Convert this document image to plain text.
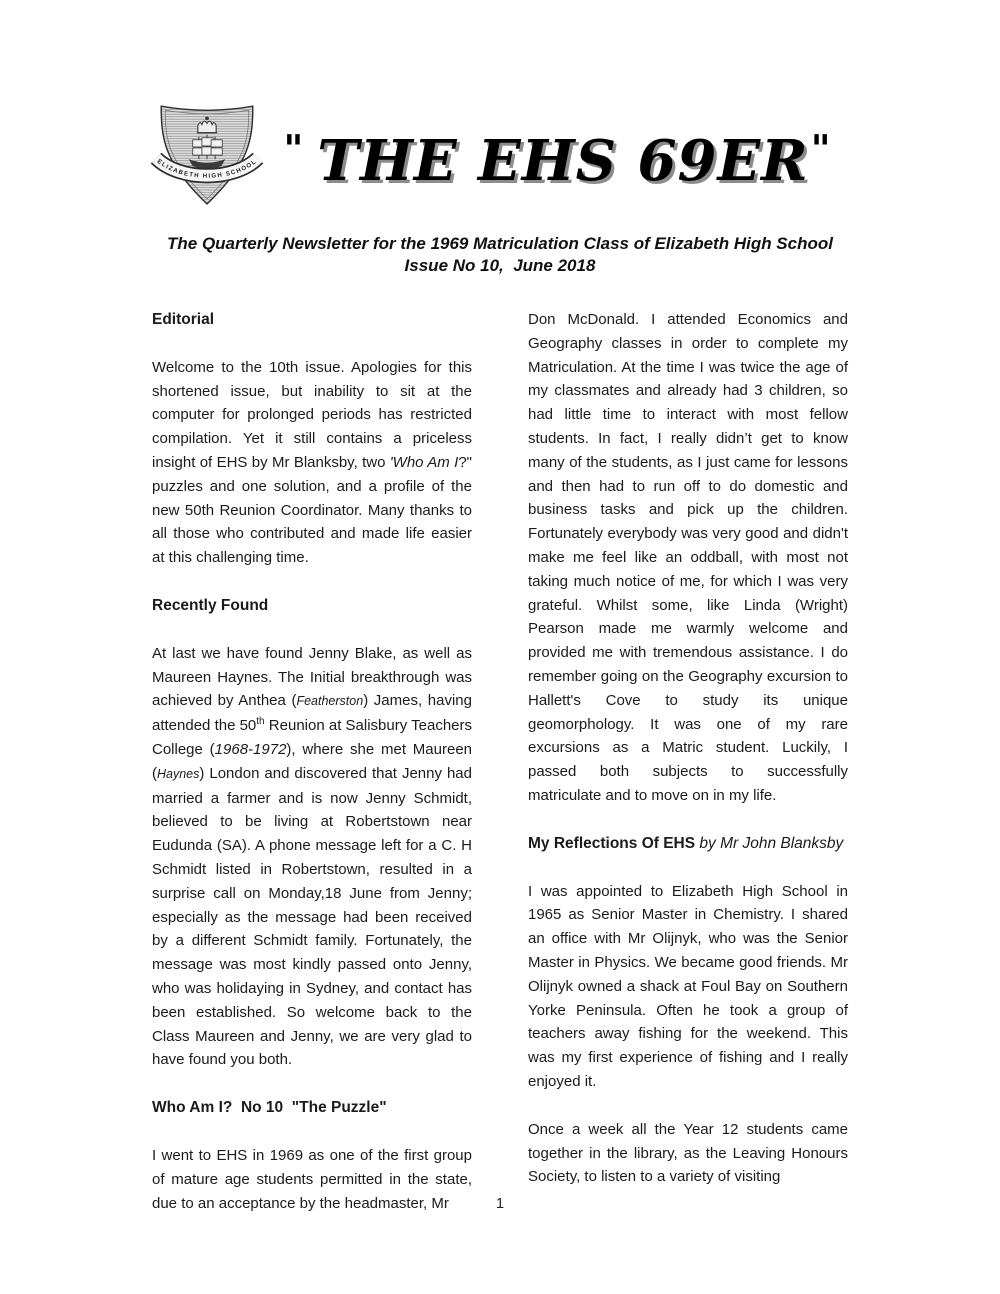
ELIZABETH HIGH SCHOOL " THE EHS 69ER"
The Quarterly Newsletter for the 1969 Matriculation Class of Elizabeth High School
Issue No 10,  June 2018
Editorial

Welcome to the 10th issue. Apologies for this shortened issue, but inability to sit at the computer for prolonged periods has restricted compilation. Yet it still contains a priceless insight of EHS by Mr Blanksby, two 'Who Am I?" puzzles and one solution, and a profile of the new 50th Reunion Coordinator. Many thanks to all those who contributed and made life easier at this challenging time.

Recently Found

At last we have found Jenny Blake, as well as Maureen Haynes. The Initial breakthrough was achieved by Anthea (Featherston) James, having attended the 50th Reunion at Salisbury Teachers College (1968-1972), where she met Maureen (Haynes) London and discovered that Jenny had married a farmer and is now Jenny Schmidt, believed to be living at Robertstown near Eudunda (SA). A phone message left for a C. H Schmidt listed in Robertstown, resulted in a surprise call on Monday,18 June from Jenny; especially as the message had been received by a different Schmidt family. Fortunately, the message was most kindly passed onto Jenny, who was holidaying in Sydney, and contact has been established. So welcome back to the Class Maureen and Jenny, we are very glad to have found you both.

Who Am I?  No 10  "The Puzzle"

I went to EHS in 1969 as one of the first group of mature age students permitted in the state, due to an acceptance by the headmaster, Mr

Don McDonald. I attended Economics and Geography classes in order to complete my Matriculation. At the time I was twice the age of my classmates and already had 3 children, so had little time to interact with most fellow students. In fact, I really didn’t get to know many of the students, as I just came for lessons and then had to run off to do domestic and business tasks and pick up the children. Fortunately everybody was very good and didn't make me feel like an oddball, with most not taking much notice of me, for which I was very grateful. Whilst some, like Linda (Wright) Pearson made me warmly welcome and provided me with tremendous assistance. I do remember going on the Geography excursion to Hallett's Cove to study its unique geomorphology. It was one of my rare excursions as a Matric student. Luckily, I passed both subjects to successfully matriculate and to move on in my life.

My Reflections Of EHS by Mr John Blanksby

I was appointed to Elizabeth High School in 1965 as Senior Master in Chemistry. I shared an office with Mr Olijnyk, who was the Senior Master in Physics. We became good friends. Mr Olijnyk owned a shack at Foul Bay on Southern Yorke Peninsula. Often he took a group of teachers away fishing for the weekend. This was my first experience of fishing and I really enjoyed it.

Once a week all the Year 12 students came together in the library, as the Leaving Honours Society, to listen to a variety of visiting

1
